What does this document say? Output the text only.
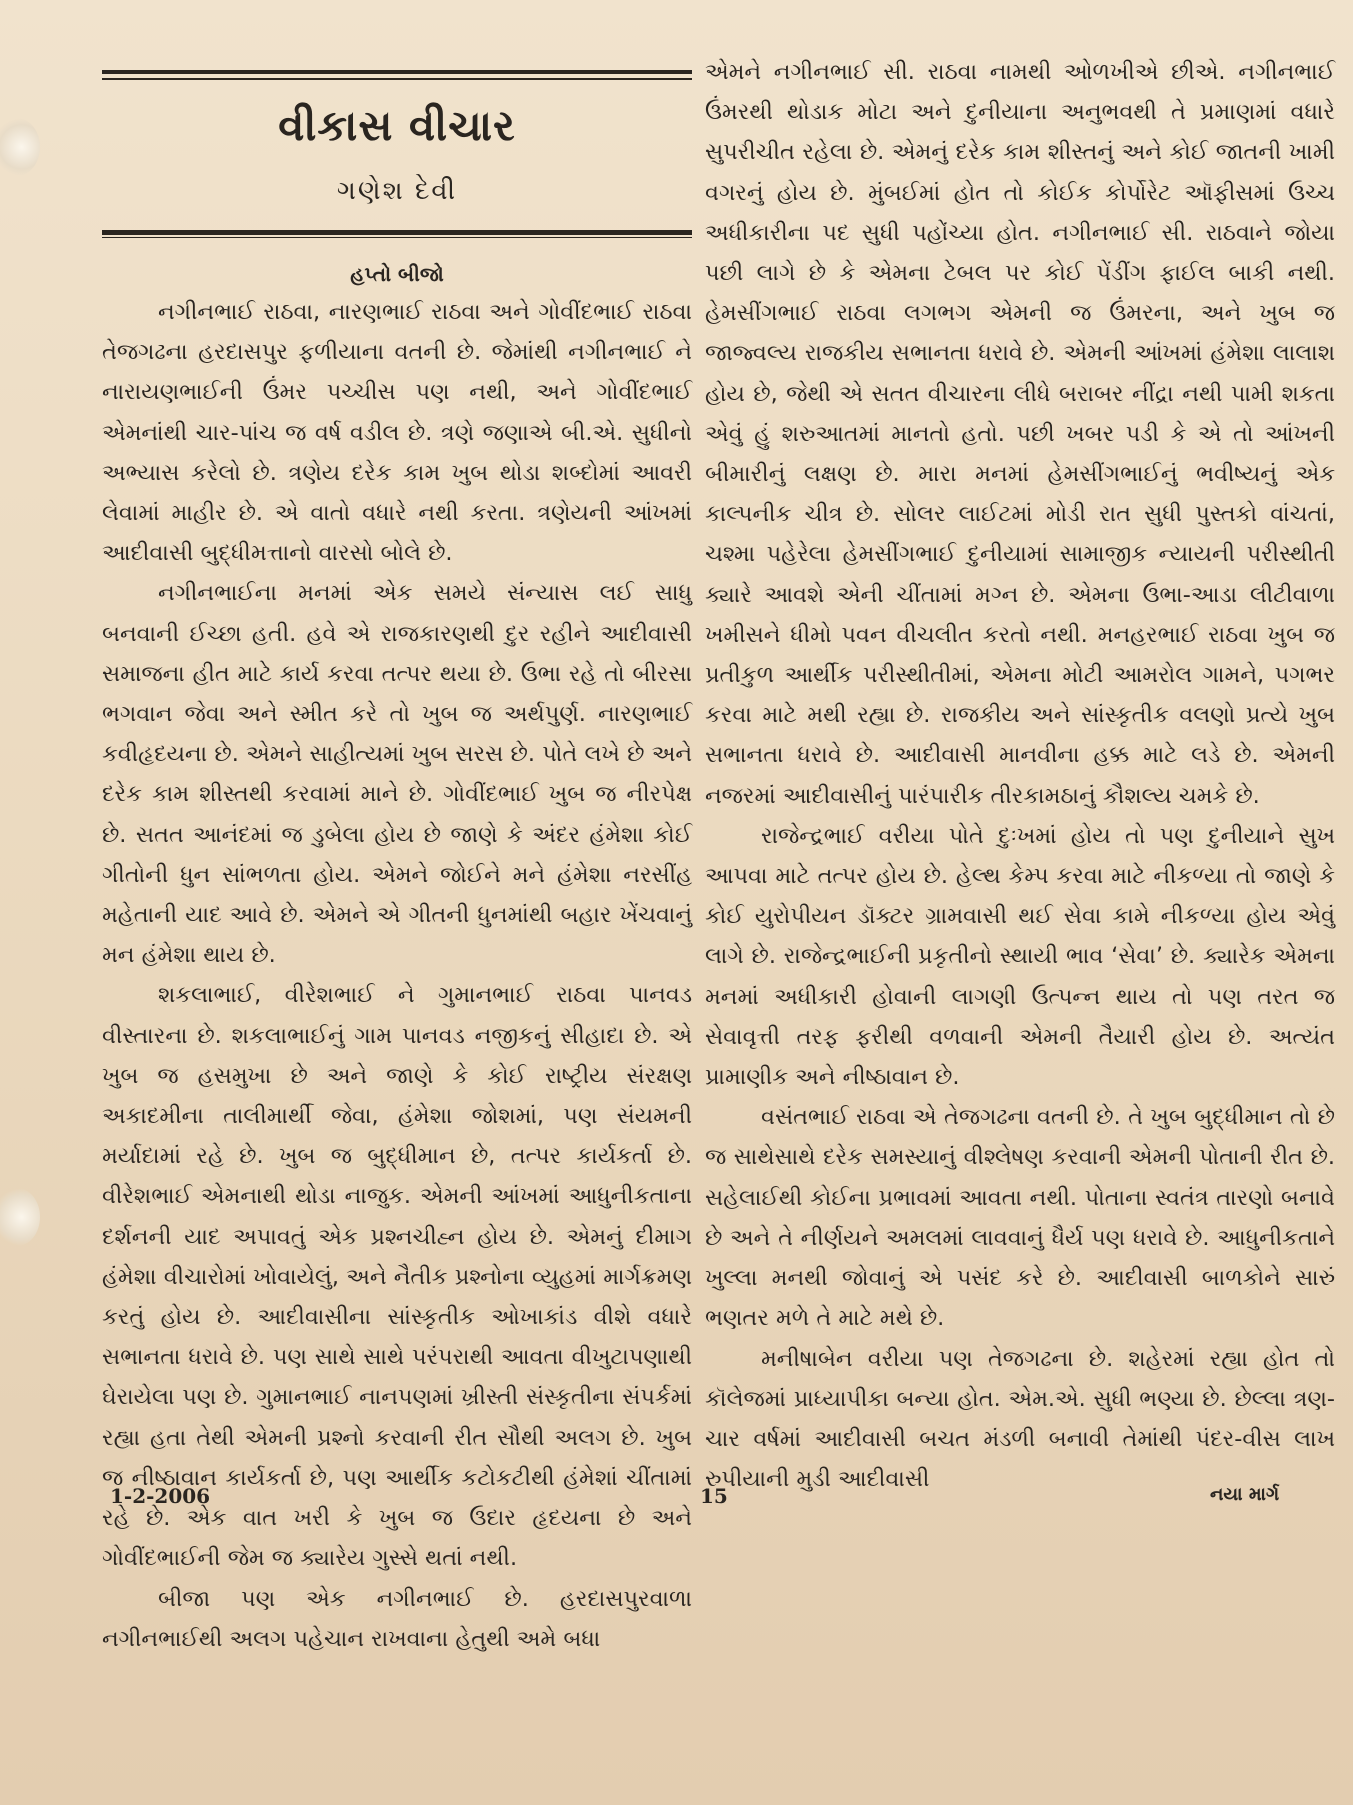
વીકાસ વીચાર
ગણેશ દેવી
હપ્તો બીજો

નગીનભાઈ રાઠવા, નારણભાઈ રાઠવા અને ગોવીંદભાઈ રાઠવા તેજગઢના હરદાસપુર ફળીયાના વતની છે. જેમાંથી નગીનભાઈ ને નારાયણભાઈની ઉંમર પચ્ચીસ પણ નથી, અને ગોવીંદભાઈ એમનાંથી ચાર-પાંચ જ વર્ષ વડીલ છે. ત્રણે જણાએ બી.એ. સુધીનો અભ્યાસ કરેલો છે. ત્રણેય દરેક કામ ખુબ થોડા શબ્દોમાં આવરી લેવામાં માહીર છે. એ વાતો વધારે નથી કરતા. ત્રણેયની આંખમાં આદીવાસી બુદ્ધીમત્તાનો વારસો બોલે છે.

નગીનભાઈના મનમાં એક સમયે સંન્યાસ લઈ સાધુ બનવાની ઈચ્છા હતી. હવે એ રાજકારણથી દુર રહીને આદીવાસી સમાજના હીત માટે કાર્ય કરવા તત્પર થયા છે. ઉભા રહે તો બીરસા ભગવાન જેવા અને સ્મીત કરે તો ખુબ જ અર્થપુર્ણ. નારણભાઈ કવીહૃદયના છે. એમને સાહીત્યમાં ખુબ સરસ છે. પોતે લખે છે અને દરેક કામ શીસ્તથી કરવામાં માને છે. ગોવીંદભાઈ ખુબ જ નીરપેક્ષ છે. સતત આનંદમાં જ ડુબેલા હોય છે જાણે કે અંદર હંમેશા કોઈ ગીતોની ધુન સાંભળતા હોય. એમને જોઈને મને હંમેશા નરસીંહ મહેતાની યાદ આવે છે. એમને એ ગીતની ધુનમાંથી બહાર ખેંચવાનું મન હંમેશા થાય છે.

શકલાભાઈ, વીરેશભાઈ ને ગુમાનભાઈ રાઠવા પાનવડ વીસ્તારના છે. શકલાભાઈનું ગામ પાનવડ નજીકનું સીહાદા છે. એ ખુબ જ હસમુખા છે અને જાણે કે કોઈ રાષ્ટ્રીય સંરક્ષણ અકાદમીના તાલીમાર્થી જેવા, હંમેશા જોશમાં, પણ સંયમની મર્યાદામાં રહે છે. ખુબ જ બુદ્ધીમાન છે, તત્પર કાર્યકર્તા છે. વીરેશભાઈ એમનાથી થોડા નાજુક. એમની આંખમાં આધુનીકતાના દર્શનની યાદ અપાવતું એક પ્રશ્નચીહ્ન હોય છે. એમનું દીમાગ હંમેશા વીચારોમાં ખોવાયેલું, અને નૈતીક પ્રશ્નોના વ્યુહમાં માર્ગક્રમણ કરતું હોય છે. આદીવાસીના સાંસ્કૃતીક ઓખાકાંડ વીશે વધારે સભાનતા ધરાવે છે. પણ સાથે સાથે પરંપરાથી આવતા વીખુટાપણાથી ઘેરાયેલા પણ છે. ગુમાનભાઈ નાનપણમાં ખ્રીસ્તી સંસ્કૃતીના સંપર્કમાં રહ્યા હતા તેથી એમની પ્રશ્નો કરવાની રીત સૌથી અલગ છે. ખુબ જ નીષ્ઠાવાન કાર્યકર્તા છે, પણ આર્થીક કટોકટીથી હંમેશાં ચીંતામાં રહે છે. એક વાત ખરી કે ખુબ જ ઉદાર હૃદયના છે અને ગોવીંદભાઈની જેમ જ ક્યારેય ગુસ્સે થતાં નથી.

બીજા પણ એક નગીનભાઈ છે. હરદાસપુરવાળા નગીનભાઈથી અલગ પહેચાન રાખવાના હેતુથી અમે બધા

એમને નગીનભાઈ સી. રાઠવા નામથી ઓળખીએ છીએ. નગીનભાઈ ઉંમરથી થોડાક મોટા અને દુનીયાના અનુભવથી તે પ્રમાણમાં વધારે સુપરીચીત રહેલા છે. એમનું દરેક કામ શીસ્તનું અને કોઈ જાતની ખામી વગરનું હોય છે. મુંબઈમાં હોત તો કોઈક કોર્પોરેટ ઑફીસમાં ઉચ્ચ અધીકારીના પદ સુધી પહોંચ્યા હોત. નગીનભાઈ સી. રાઠવાને જોયા પછી લાગે છે કે એમના ટેબલ પર કોઈ પેંડીંગ ફાઈલ બાકી નથી. હેમસીંગભાઈ રાઠવા લગભગ એમની જ ઉંમરના, અને ખુબ જ જાજ્વલ્ય રાજકીય સભાનતા ધરાવે છે. એમની આંખમાં હંમેશા લાલાશ હોય છે, જેથી એ સતત વીચારના લીધે બરાબર નીંદ્રા નથી પામી શકતા એવું હું શરુઆતમાં માનતો હતો. પછી ખબર પડી કે એ તો આંખની બીમારીનું લક્ષણ છે. મારા મનમાં હેમસીંગભાઈનું ભવીષ્યનું એક કાલ્પનીક ચીત્ર છે. સોલર લાઈટમાં મોડી રાત સુધી પુસ્તકો વાંચતાં, ચશ્મા પહેરેલા હેમસીંગભાઈ દુનીયામાં સામાજીક ન્યાયની પરીસ્થીતી ક્યારે આવશે એની ચીંતામાં મગ્ન છે. એમના ઉભા-આડા લીટીવાળા ખમીસને ધીમો પવન વીચલીત કરતો નથી. મનહરભાઈ રાઠવા ખુબ જ પ્રતીકુળ આર્થીક પરીસ્થીતીમાં, એમના મોટી આમરોલ ગામને, પગભર કરવા માટે મથી રહ્યા છે. રાજકીય અને સાંસ્કૃતીક વલણો પ્રત્યે ખુબ સભાનતા ધરાવે છે. આદીવાસી માનવીના હક્ક માટે લડે છે. એમની નજરમાં આદીવાસીનું પારંપારીક તીરકામઠાનું કૌશલ્ય ચમકે છે.

રાજેન્દ્રભાઈ વરીયા પોતે દુઃખમાં હોય તો પણ દુનીયાને સુખ આપવા માટે તત્પર હોય છે. હેલ્થ કેમ્પ કરવા માટે નીકળ્યા તો જાણે કે કોઈ યુરોપીયન ડૉક્ટર ગ્રામવાસી થઈ સેવા કામે નીકળ્યા હોય એવું લાગે છે. રાજેન્દ્રભાઈની પ્રકૃતીનો સ્થાયી ભાવ ‘સેવા’ છે. ક્યારેક એમના મનમાં અધીકારી હોવાની લાગણી ઉત્પન્ન થાય તો પણ તરત જ સેવાવૃત્તી તરફ ફરીથી વળવાની એમની તૈયારી હોય છે. અત્યંત પ્રામાણીક અને નીષ્ઠાવાન છે.

વસંતભાઈ રાઠવા એ તેજગઢના વતની છે. તે ખુબ બુદ્ધીમાન તો છે જ સાથેસાથે દરેક સમસ્યાનું વીશ્લેષણ કરવાની એમની પોતાની રીત છે. સહેલાઈથી કોઈના પ્રભાવમાં આવતા નથી. પોતાના સ્વતંત્ર તારણો બનાવે છે અને તે નીર્ણયને અમલમાં લાવવાનું ધૈર્ય પણ ધરાવે છે. આધુનીકતાને ખુલ્લા મનથી જોવાનું એ પસંદ કરે છે. આદીવાસી બાળકોને સારું ભણતર મળે તે માટે મથે છે.

મનીષાબેન વરીયા પણ તેજગઢના છે. શહેરમાં રહ્યા હોત તો કૉલેજમાં પ્રાધ્યાપીકા બન્યા હોત. એમ.એ. સુધી ભણ્યા છે. છેલ્લા ત્રણ-ચાર વર્ષમાં આદીવાસી બચત મંડળી બનાવી તેમાંથી પંદર-વીસ લાખ રુપીયાની મુડી આદીવાસી

1-2-2006	15	નયા માર્ગ
